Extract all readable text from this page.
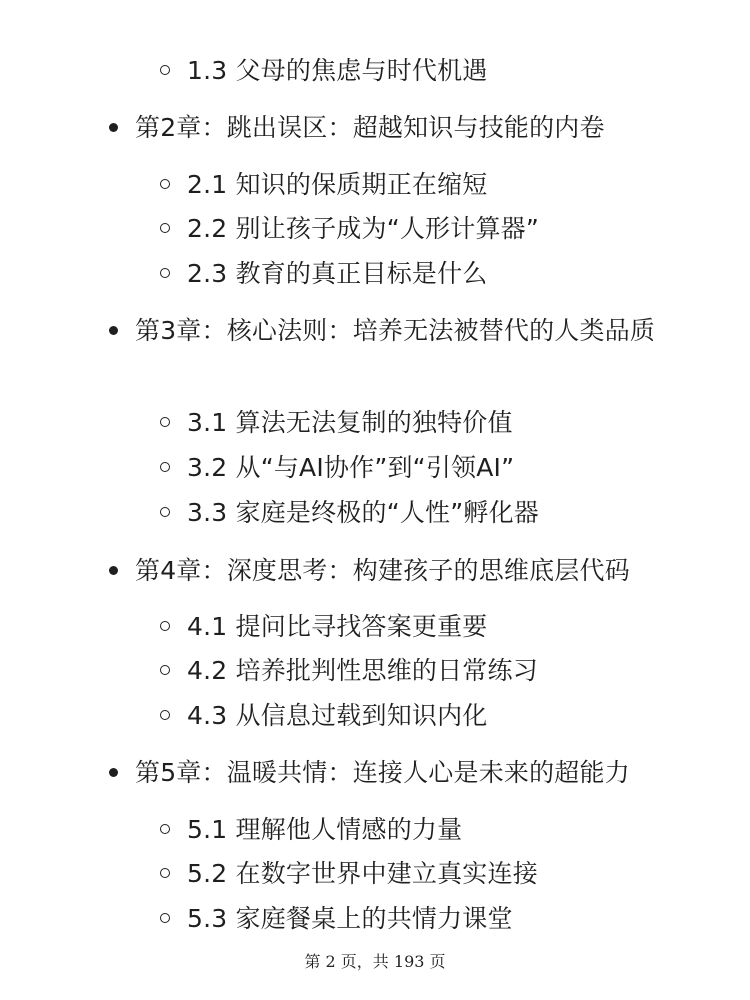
1.3 父母的焦虑与时代机遇
第2章：跳出误区：超越知识与技能的内卷
2.1 知识的保质期正在缩短
2.2 别让孩子成为“人形计算器”
2.3 教育的真正目标是什么
第3章：核心法则：培养无法被替代的人类品质
3.1 算法无法复制的独特价值
3.2 从“与AI协作”到“引领AI”
3.3 家庭是终极的“人性”孵化器
第4章：深度思考：构建孩子的思维底层代码
4.1 提问比寻找答案更重要
4.2 培养批判性思维的日常练习
4.3 从信息过载到知识内化
第5章：温暖共情：连接人心是未来的超能力
5.1 理解他人情感的力量
5.2 在数字世界中建立真实连接
5.3 家庭餐桌上的共情力课堂
第 2 页，共 193 页
